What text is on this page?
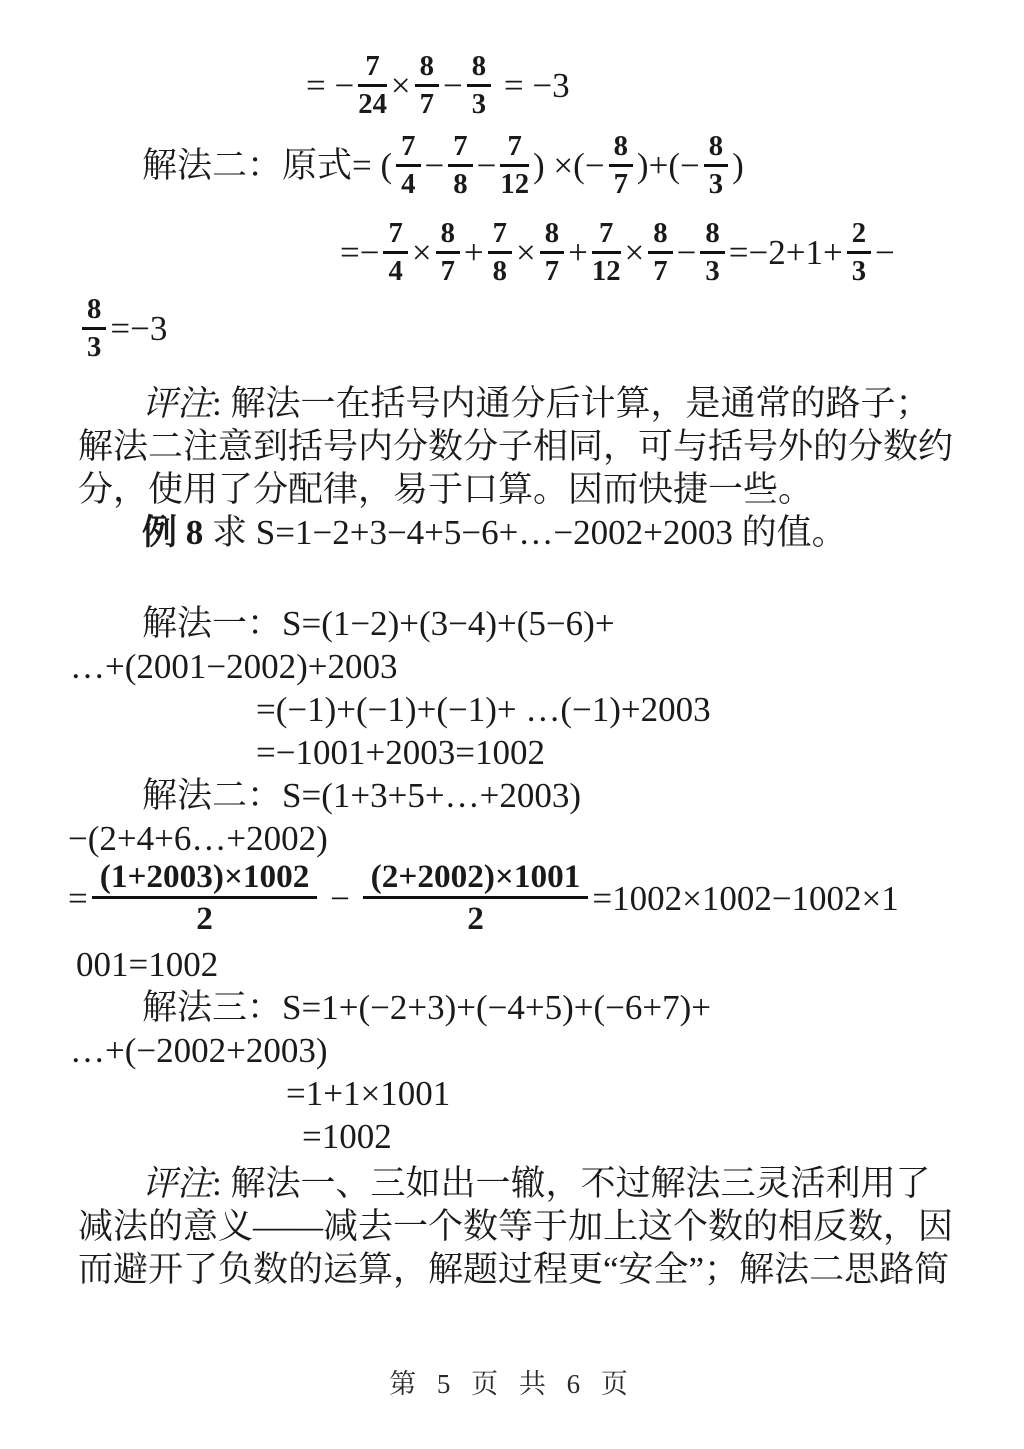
= − $\frac{7}{24} \times \frac{8}{7} - \frac{8}{3} = -3$
解法二：原式= ( $\frac{7}{4} - \frac{7}{8} - \frac{7}{12}$ ) ×(− $\frac{8}{7}$ )+(− $\frac{8}{3}$ )
=− $\frac{7}{4} \times \frac{8}{7} + \frac{7}{8} \times \frac{8}{7} + \frac{7}{12} \times \frac{8}{7} - \frac{8}{3} =-2+1+ \frac{2}{3}$ −
$\frac{8}{3} =-3$
评注: 解法一在括号内通分后计算，是通常的路子；
解法二注意到括号内分数分子相同，可与括号外的分数约
分，使用了分配律，易于口算。因而快捷一些。
例 8 求 S=1−2+3−4+5−6+…−2002+2003 的值。
解法一：S=(1−2)+(3−4)+(5−6)+
…+(2001−2002)+2003
=(−1)+(−1)+(−1)+ …(−1)+2003
=−1001+2003=1002
解法二：S=(1+3+5+…+2003)
−(2+4+6…+2002)
= $\frac{(1+2003)\times 1002}{2} - \frac{(2+2002)\times 1001}{2} =1002\times 1002-1002\times 1$
001=1002
解法三：S=1+(−2+3)+(−4+5)+(−6+7)+
…+(−2002+2003)
=1+1×1001
=1002
评注: 解法一、三如出一辙，不过解法三灵活利用了
减法的意义——减去一个数等于加上这个数的相反数，因
而避开了负数的运算，解题过程更“安全”；解法二思路简
第 5 页 共 6 页
